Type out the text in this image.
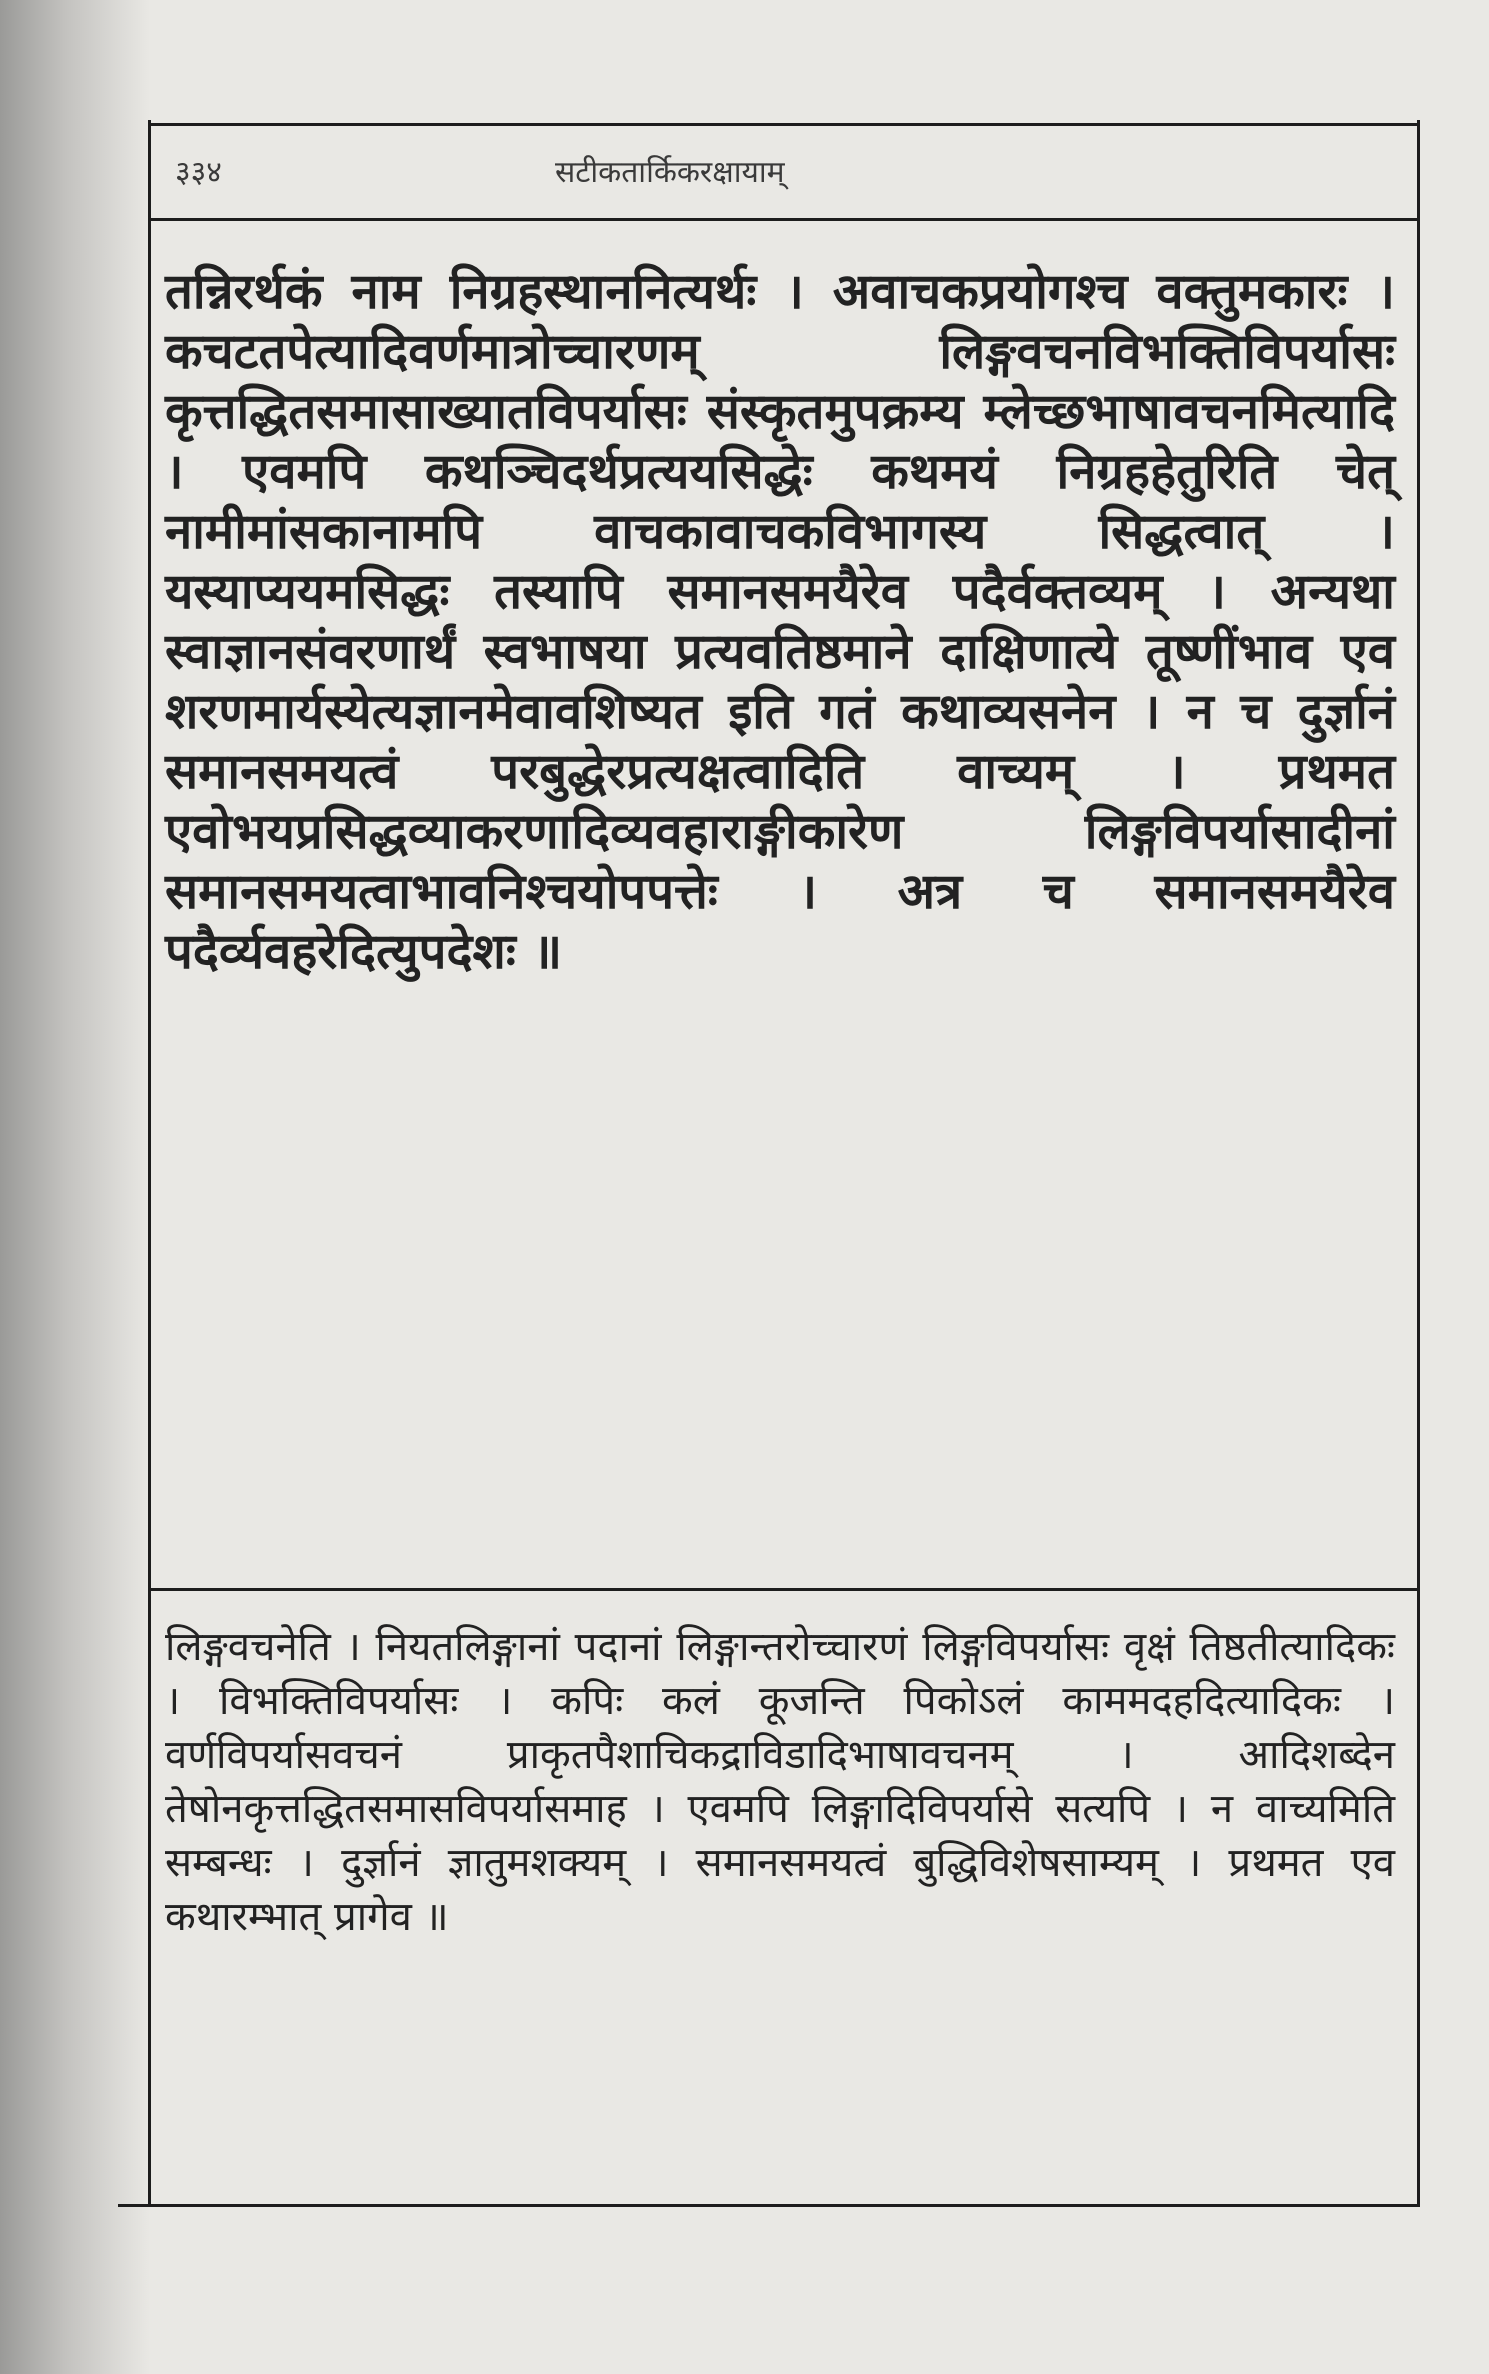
३३४	सटीकतार्किकरक्षायाम्

तन्निरर्थकं नाम निग्रहस्थाननित्यर्थः । अवाचकप्रयोगश्च वक्तुमकारः । कचटतपेत्यादिवर्णमात्रोच्चारणम् लिङ्गवचनविभक्तिविपर्यासः कृत्तद्धितसमासाख्यातविपर्यासः संस्कृतमुपक्रम्य म्लेच्छभाषावचनमित्यादि । एवमपि कथञ्चिदर्थप्रत्ययसिद्धेः कथमयं निग्रहहेतुरिति चेत् नामीमांसकानामपि वाचकावाचकविभागस्य सिद्धत्वात् । यस्याप्ययमसिद्धः तस्यापि समानसमयैरेव पदैर्वक्तव्यम् । अन्यथा स्वाज्ञानसंवरणार्थं स्वभाषया प्रत्यवतिष्ठमाने दाक्षिणात्ये तूष्णींभाव एव शरणमार्यस्येत्यज्ञानमेवावशिष्यत इति गतं कथाव्यसनेन । न च दुर्ज्ञानं समानसमयत्वं परबुद्धेरप्रत्यक्षत्वादिति वाच्यम् । प्रथमत एवोभयप्रसिद्धव्याकरणादिव्यवहाराङ्गीकारेण लिङ्गविपर्यासादीनां समानसमयत्वाभावनिश्चयोपपत्तेः । अत्र च समानसमयैरेव पदैर्व्यवहरेदित्युपदेशः ॥

लिङ्गवचनेति । नियतलिङ्गानां पदानां लिङ्गान्तरोच्चारणं लिङ्गविपर्यासः वृक्षं तिष्ठतीत्यादिकः । विभक्तिविपर्यासः । कपिः कलं कूजन्ति पिकोऽलं काममदहदित्यादिकः । वर्णविपर्यासवचनं प्राकृतपैशाचिकद्राविडादिभाषावचनम् । आदिशब्देन तेषोनकृत्तद्धितसमासविपर्यासमाह । एवमपि लिङ्गादिविपर्यासे सत्यपि । न वाच्यमिति सम्बन्धः । दुर्ज्ञानं ज्ञातुमशक्यम् । समानसमयत्वं बुद्धिविशेषसाम्यम् । प्रथमत एव कथारम्भात् प्रागेव ॥
